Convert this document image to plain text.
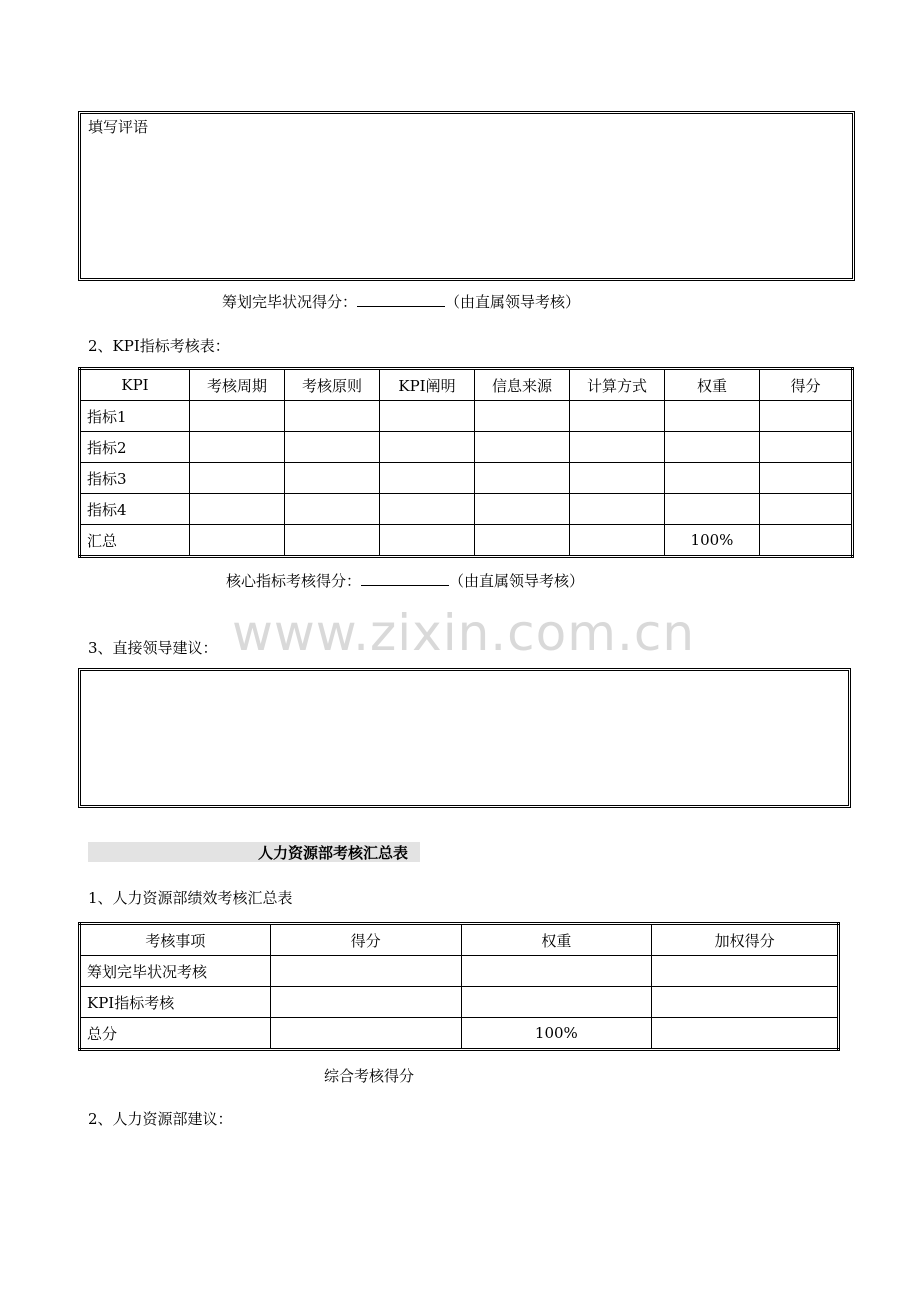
填写评语
筹划完毕状况得分：	（由直属领导考核）
2、KPI指标考核表：
KPI	考核周期	考核原则	KPI阐明	信息来源	计算方式	权重	得分
指标1							
指标2							
指标3							
指标4							
汇总						100%	
核心指标考核得分：	（由直属领导考核）
www.zixin.com.cn
3、直接领导建议：
人力资源部考核汇总表
1、人力资源部绩效考核汇总表
考核事项	得分	权重	加权得分
筹划完毕状况考核			
KPI指标考核			
总分		100%	
综合考核得分
2、人力资源部建议：
